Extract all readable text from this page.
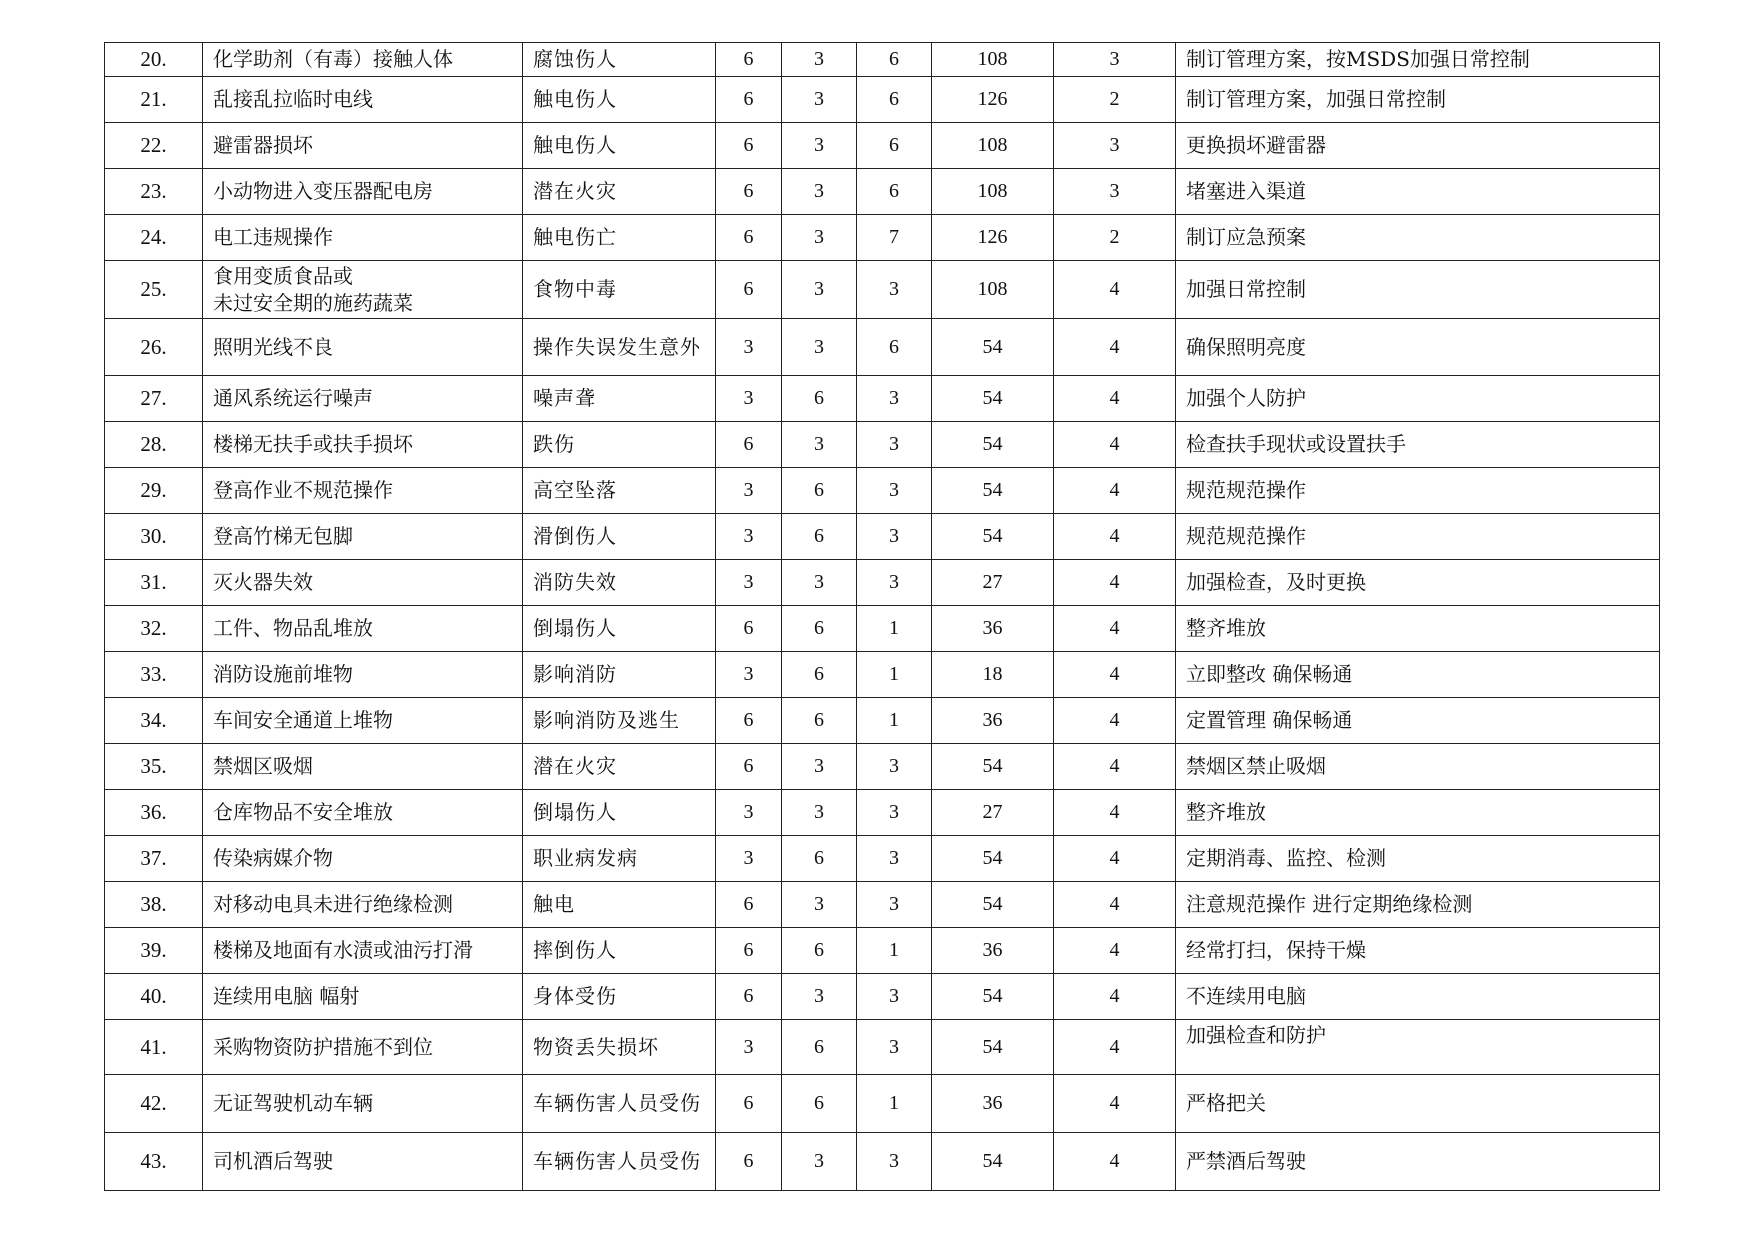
20.	化学助剂（有毒）接触人体	腐蚀伤人	6	3	6	108	3	制订管理方案，按MSDS加强日常控制
21.	乱接乱拉临时电线	触电伤人	6	3	6	126	2	制订管理方案，加强日常控制
22.	避雷器损坏	触电伤人	6	3	6	108	3	更换损坏避雷器
23.	小动物进入变压器配电房	潜在火灾	6	3	6	108	3	堵塞进入渠道
24.	电工违规操作	触电伤亡	6	3	7	126	2	制订应急预案
25.	食用变质食品或
未过安全期的施药蔬菜	食物中毒	6	3	3	108	4	加强日常控制
26.	照明光线不良	操作失误发生意外	3	3	6	54	4	确保照明亮度
27.	通风系统运行噪声	噪声聋	3	6	3	54	4	加强个人防护
28.	楼梯无扶手或扶手损坏	跌伤	6	3	3	54	4	检查扶手现状或设置扶手
29.	登高作业不规范操作	高空坠落	3	6	3	54	4	规范规范操作
30.	登高竹梯无包脚	滑倒伤人	3	6	3	54	4	规范规范操作
31.	灭火器失效	消防失效	3	3	3	27	4	加强检查，及时更换
32.	工件、物品乱堆放	倒塌伤人	6	6	1	36	4	整齐堆放
33.	消防设施前堆物	影响消防	3	6	1	18	4	立即整改 确保畅通
34.	车间安全通道上堆物	影响消防及逃生	6	6	1	36	4	定置管理 确保畅通
35.	禁烟区吸烟	潜在火灾	6	3	3	54	4	禁烟区禁止吸烟
36.	仓库物品不安全堆放	倒塌伤人	3	3	3	27	4	整齐堆放
37.	传染病媒介物	职业病发病	3	6	3	54	4	定期消毒、监控、检测
38.	对移动电具未进行绝缘检测	触电	6	3	3	54	4	注意规范操作 进行定期绝缘检测
39.	楼梯及地面有水渍或油污打滑	摔倒伤人	6	6	1	36	4	经常打扫，保持干燥
40.	连续用电脑 幅射	身体受伤	6	3	3	54	4	不连续用电脑
41.	采购物资防护措施不到位	物资丢失损坏	3	6	3	54	4	加强检查和防护
42.	无证驾驶机动车辆	车辆伤害人员受伤	6	6	1	36	4	严格把关
43.	司机酒后驾驶	车辆伤害人员受伤	6	3	3	54	4	严禁酒后驾驶
